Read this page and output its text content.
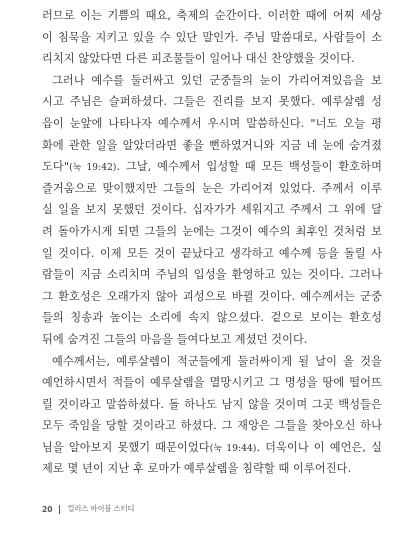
러므로 이는 기쁨의 때요, 축제의 순간이다. 이러한 때에 어찌 세상
이 침묵을 지키고 있을 수 있단 말인가. 주님 말씀대로, 사람들이 소
리치지 않았다면 다른 피조물들이 일어나 대신 찬양했을 것이다.
그러나 예수를 둘러싸고 있던 군중들의 눈이 가리어져있음을 보
시고 주님은 슬퍼하셨다. 그들은 진리를 보지 못했다. 예루살렘 성
읍이 눈앞에 나타나자 예수께서 우시며 말씀하신다. "너도 오늘 평
화에 관한 일을 알았더라면 좋을 뻔하였거니와 지금 네 눈에 숨겨졌
도다"(눅 19:42). 그날, 예수께서 입성할 때 모든 백성들이 환호하며
즐거움으로 맞이했지만 그들의 눈은 가리어져 있었다. 주께서 이루
실 일을 보지 못했던 것이다. 십자가가 세워지고 주께서 그 위에 달
려 돌아가시게 되면 그들의 눈에는 그것이 예수의 최후인 것처럼 보
일 것이다. 이제 모든 것이 끝났다고 생각하고 예수께 등을 돌릴 사
람들이 지금 소리치며 주님의 입성을 환영하고 있는 것이다. 그러나
그 환호성은 오래가지 않아 괴성으로 바뀔 것이다. 예수께서는 군중
들의 칭송과 높이는 소리에 속지 않으셨다. 겉으로 보이는 환호성
뒤에 숨겨진 그들의 마음을 들여다보고 계셨던 것이다.
예수께서는, 예루살렘이 적군들에게 둘러싸이게 될 날이 올 것을
예언하시면서 적들이 예루살렘을 멸망시키고 그 명성을 땅에 떨어뜨
릴 것이라고 말씀하셨다. 돌 하나도 남지 않을 것이며 그곳 백성들은
모두 죽임을 당할 것이라고 하셨다. 그 재앙은 그들을 찾아오신 하나
님을 알아보지 못했기 때문이었다(눅 19:44). 더욱이나 이 예언은, 실
제로 몇 년이 지난 후 로마가 예루살렘을 침략할 때 이루어진다.
20 컬러스 바이블 스터디
